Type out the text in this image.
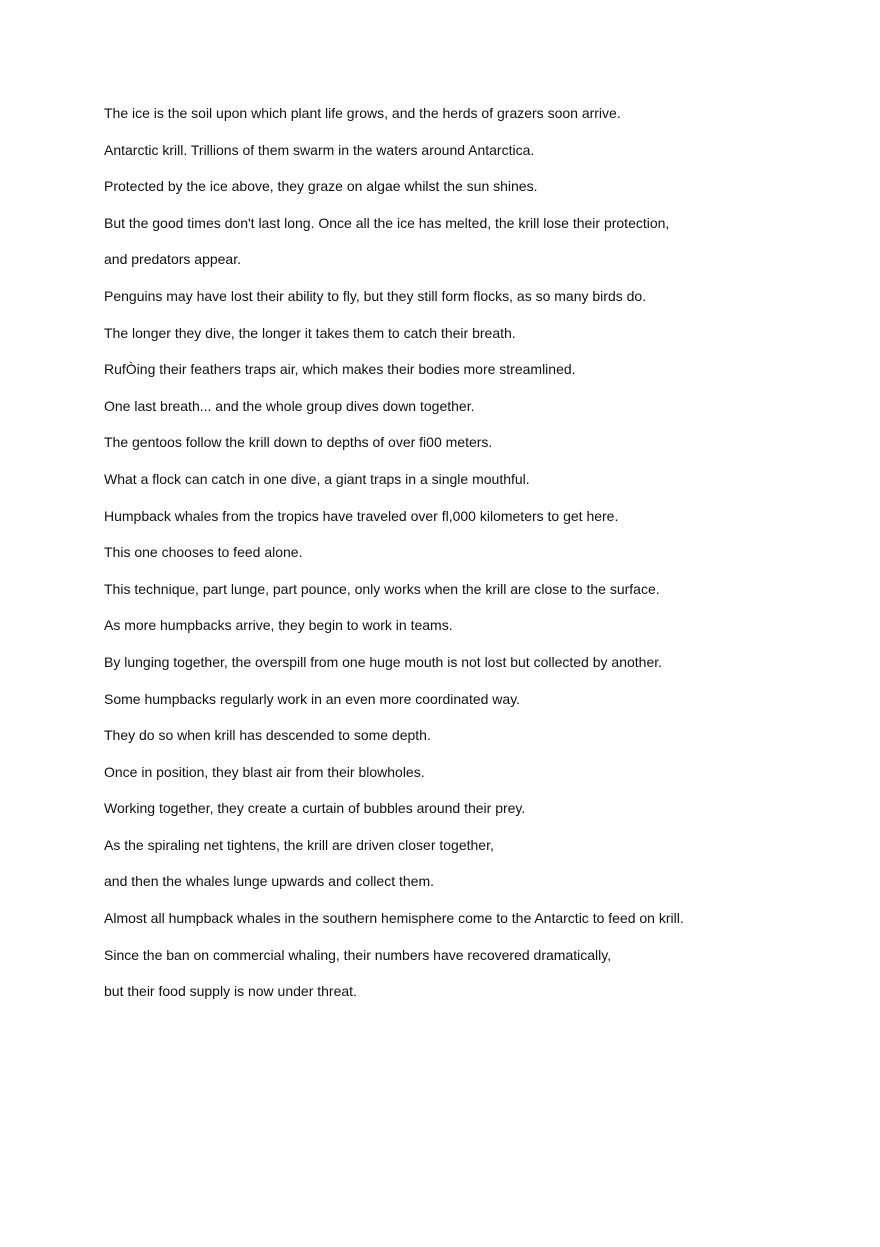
The ice is the soil upon which plant life grows, and the herds of grazers soon arrive.
Antarctic krill. Trillions of them swarm in the waters around Antarctica.
Protected by the ice above, they graze on algae whilst the sun shines.
But the good times don't last long. Once all the ice has melted, the krill lose their protection,
and predators appear.
Penguins may have lost their ability to fly, but they still form flocks, as so many birds do.
The longer they dive, the longer it takes them to catch their breath.
RufÒing their feathers traps air, which makes their bodies more streamlined.
One last breath... and the whole group dives down together.
The gentoos follow the krill down to depths of over ﬁ00 meters.
What a flock can catch in one dive, a giant traps in a single mouthful.
Humpback whales from the tropics have traveled over ﬂ,000 kilometers to get here.
This one chooses to feed alone.
This technique, part lunge, part pounce, only works when the krill are close to the surface.
As more humpbacks arrive, they begin to work in teams.
By lunging together, the overspill from one huge mouth is not lost but collected by another.
Some humpbacks regularly work in an even more coordinated way.
They do so when krill has descended to some depth.
Once in position, they blast air from their blowholes.
Working together, they create a curtain of bubbles around their prey.
As the spiraling net tightens, the krill are driven closer together,
and then the whales lunge upwards and collect them.
Almost all humpback whales in the southern hemisphere come to the Antarctic to feed on krill.
Since the ban on commercial whaling, their numbers have recovered dramatically,
but their food supply is now under threat.
